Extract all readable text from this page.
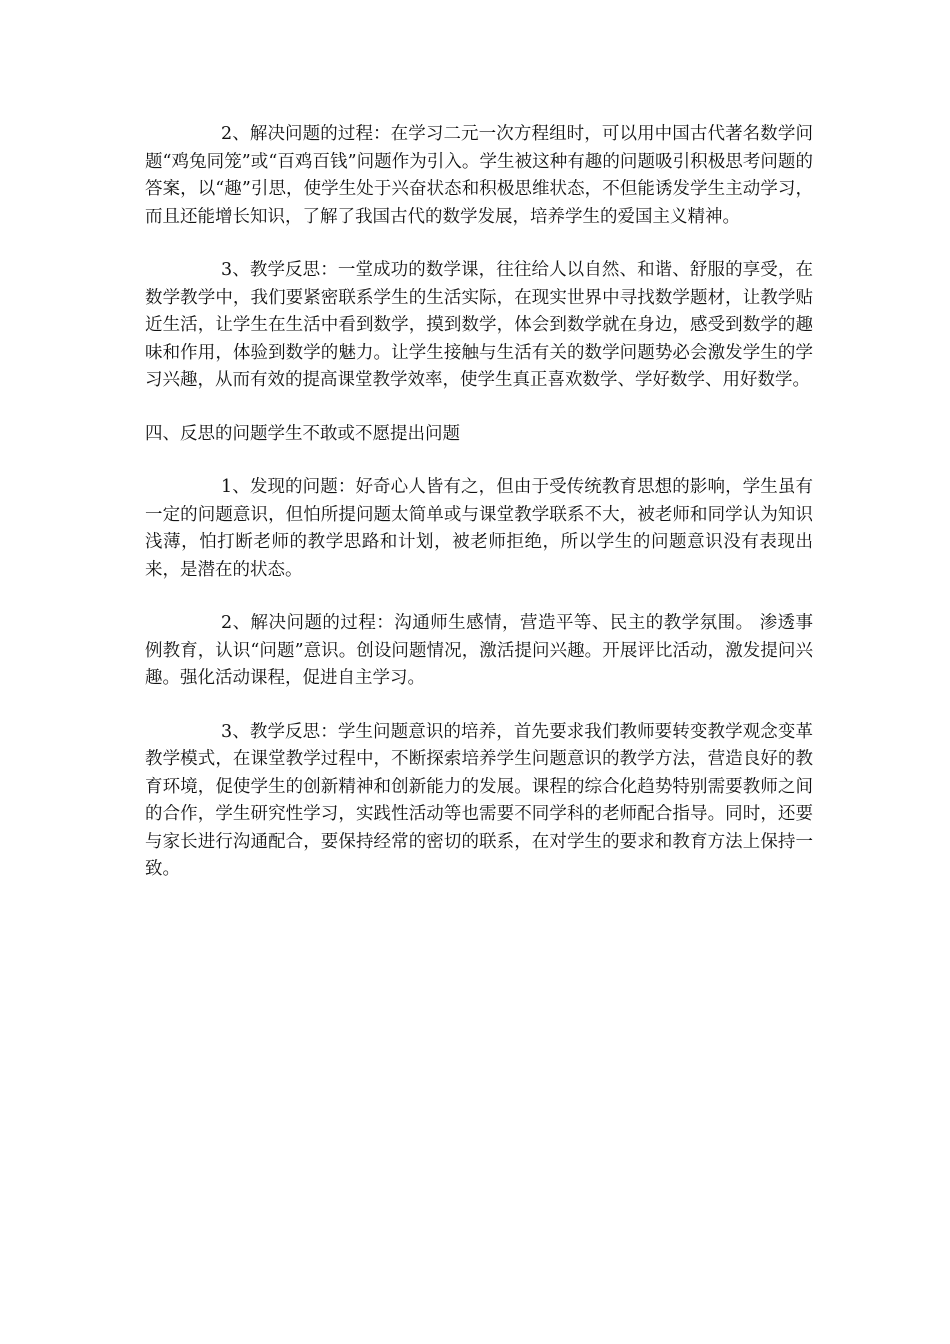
2、解决问题的过程：在学习二元一次方程组时，可以用中国古代著名数学问题“鸡兔同笼”或“百鸡百钱”问题作为引入。学生被这种有趣的问题吸引积极思考问题的答案，以“趣”引思，使学生处于兴奋状态和积极思维状态，不但能诱发学生主动学习，而且还能增长知识，了解了我国古代的数学发展，培养学生的爱国主义精神。

3、教学反思：一堂成功的数学课，往往给人以自然、和谐、舒服的享受，在数学教学中，我们要紧密联系学生的生活实际，在现实世界中寻找数学题材，让教学贴近生活，让学生在生活中看到数学，摸到数学，体会到数学就在身边，感受到数学的趣味和作用，体验到数学的魅力。让学生接触与生活有关的数学问题势必会激发学生的学习兴趣，从而有效的提高课堂教学效率，使学生真正喜欢数学、学好数学、用好数学。

四、反思的问题学生不敢或不愿提出问题

1、发现的问题：好奇心人皆有之，但由于受传统教育思想的影响，学生虽有一定的问题意识，但怕所提问题太简单或与课堂教学联系不大，被老师和同学认为知识浅薄，怕打断老师的教学思路和计划，被老师拒绝，所以学生的问题意识没有表现出来，是潜在的状态。

2、解决问题的过程：沟通师生感情，营造平等、民主的教学氛围。 渗透事例教育，认识“问题”意识。创设问题情况，激活提问兴趣。开展评比活动，激发提问兴趣。强化活动课程，促进自主学习。

3、教学反思：学生问题意识的培养，首先要求我们教师要转变教学观念变革教学模式，在课堂教学过程中，不断探索培养学生问题意识的教学方法，营造良好的教育环境，促使学生的创新精神和创新能力的发展。课程的综合化趋势特别需要教师之间的合作，学生研究性学习，实践性活动等也需要不同学科的老师配合指导。同时，还要与家长进行沟通配合，要保持经常的密切的联系，在对学生的要求和教育方法上保持一致。
